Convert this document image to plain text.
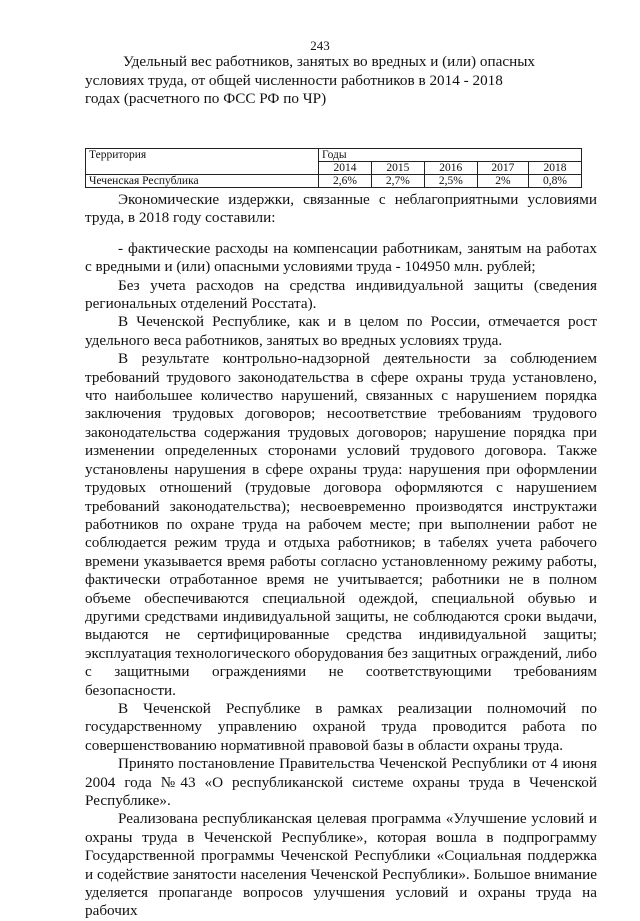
243
Удельный вес работников, занятых во вредных и (или) опасных
условиях труда, от общей численности работников в 2014 - 2018
годах (расчетного по ФСС РФ по ЧР)
Территория	Годы				
	2014	2015	2016	2017	2018
Чеченская Республика	2,6%	2,7%	2,5%	2%	0,8%

Экономические издержки, связанные с неблагоприятными условиями труда, в 2018 году составили:

- фактические расходы на компенсации работникам, занятым на работах с вредными и (или) опасными условиями труда - 104950 млн. рублей;

Без учета расходов на средства индивидуальной защиты (сведения региональных отделений Росстата).

В Чеченской Республике, как и в целом по России, отмечается рост удельного веса работников, занятых во вредных условиях труда.

В результате контрольно-надзорной деятельности за соблюдением требований трудового законодательства в сфере охраны труда установлено, что наибольшее количество нарушений, связанных с нарушением порядка заключения трудовых договоров; несоответствие требованиям трудового законодательства содержания трудовых договоров; нарушение порядка при изменении определенных сторонами условий трудового договора. Также установлены нарушения в сфере охраны труда: нарушения при оформлении трудовых отношений (трудовые договора оформляются с нарушением требований законодательства); несвоевременно производятся инструктажи работников по охране труда на рабочем месте; при выполнении работ не соблюдается режим труда и отдыха работников; в табелях учета рабочего времени указывается время работы согласно установленному режиму работы, фактически отработанное время не учитывается; работники не в полном объеме обеспечиваются специальной одеждой, специальной обувью и другими средствами индивидуальной защиты, не соблюдаются сроки выдачи, выдаются не сертифицированные средства индивидуальной защиты; эксплуатация технологического оборудования без защитных ограждений, либо с защитными ограждениями не соответствующими требованиям безопасности.

В Чеченской Республике в рамках реализации полномочий по государственному управлению охраной труда проводится работа по совершенствованию нормативной правовой базы в области охраны труда.

Принято постановление Правительства Чеченской Республики от 4 июня 2004 года №43 «О республиканской системе охраны труда в Чеченской Республике».

Реализована республиканская целевая программа «Улучшение условий и охраны труда в Чеченской Республике», которая вошла в подпрограмму Государственной программы Чеченской Республики «Социальная поддержка и содействие занятости населения Чеченской Республики». Большое внимание уделяется пропаганде вопросов улучшения условий и охраны труда на рабочих
